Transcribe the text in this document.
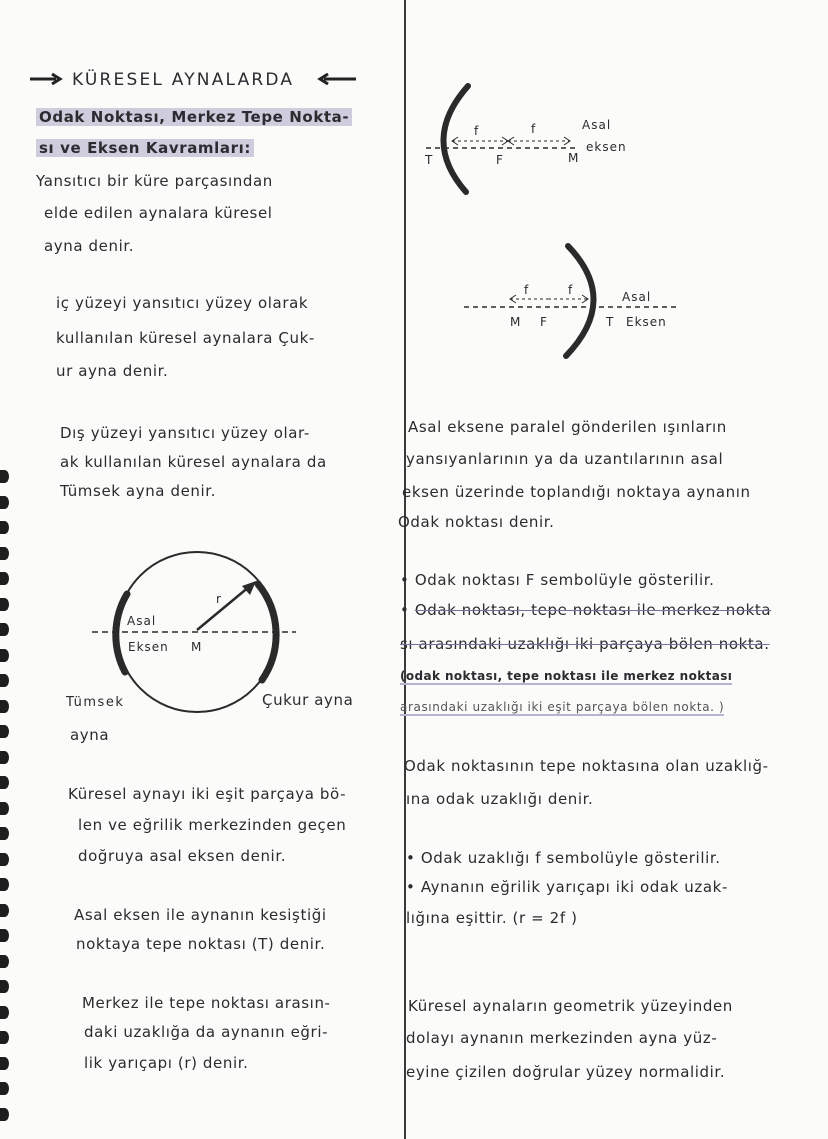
KÜRESEL AYNALARDA
Odak Noktası, Merkez Tepe Nokta-
sı ve Eksen Kavramları:
Yansıtıcı bir küre parçasından
elde edilen aynalara küresel
ayna denir.
iç yüzeyi yansıtıcı yüzey olarak
kullanılan küresel aynalara Çuk-
ur ayna denir.
Dış yüzeyi yansıtıcı yüzey olar-
ak kullanılan küresel aynalara da
Tümsek ayna denir.
Asal
Eksen M
r
Tümsek
ayna
Çukur ayna
Küresel aynayı iki eşit parçaya bö-
len ve eğrilik merkezinden geçen
doğruya asal eksen denir.
Asal eksen ile aynanın kesiştiği
noktaya tepe noktası (T) denir.
Merkez ile tepe noktası arasın-
daki uzaklığa da aynanın eğri-
lik yarıçapı (r) denir.
f	f
T	F	M
Asal
eksen
f	f
M F	T
Asal
Eksen
Asal eksene paralel gönderilen ışınların
yansıyanlarının ya da uzantılarının asal
eksen üzerinde toplandığı noktaya aynanın
Odak noktası denir.
• Odak noktası F sembolüyle gösterilir.
• Odak noktası, tepe noktası ile merkez nokta
sı arasındaki uzaklığı iki parçaya bölen nokta.
(odak noktası, tepe noktası ile merkez noktası
arasındaki uzaklığı iki eşit parçaya bölen nokta. )
Odak noktasının tepe noktasına olan uzaklığ-
ına odak uzaklığı denir.
• Odak uzaklığı f sembolüyle gösterilir.
• Aynanın eğrilik yarıçapı iki odak uzak-
lığına eşittir. (r = 2f )
Küresel aynaların geometrik yüzeyinden
dolayı aynanın merkezinden ayna yüz-
eyine çizilen doğrular yüzey normalidir.
